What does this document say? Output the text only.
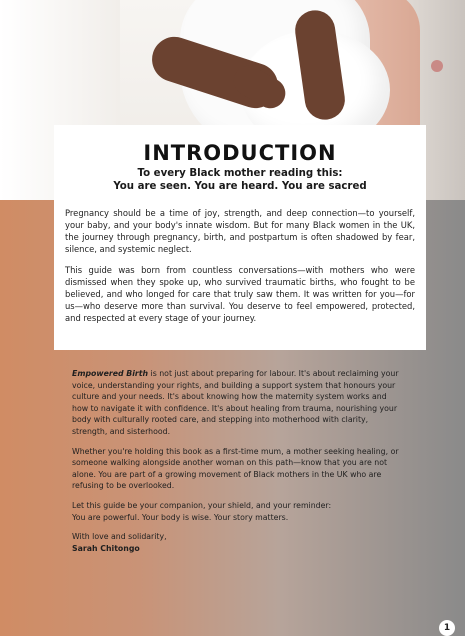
INTRODUCTION
To every Black mother reading this:
You are seen. You are heard. You are sacred

Pregnancy should be a time of joy, strength, and deep connection—to yourself, your baby, and your body's innate wisdom. But for many Black women in the UK, the journey through pregnancy, birth, and postpartum is often shadowed by fear, silence, and systemic neglect.

This guide was born from countless conversations—with mothers who were dismissed when they spoke up, who survived traumatic births, who fought to be believed, and who longed for care that truly saw them. It was written for you—for us—who deserve more than survival. You deserve to feel empowered, protected, and respected at every stage of your journey.

Empowered Birth is not just about preparing for labour. It's about reclaiming your voice, understanding your rights, and building a support system that honours your culture and your needs. It's about knowing how the maternity system works and how to navigate it with confidence. It's about healing from trauma, nourishing your body with culturally rooted care, and stepping into motherhood with clarity, strength, and sisterhood.

Whether you're holding this book as a first-time mum, a mother seeking healing, or someone walking alongside another woman on this path—know that you are not alone. You are part of a growing movement of Black mothers in the UK who are refusing to be overlooked.

Let this guide be your companion, your shield, and your reminder:
You are powerful. Your body is wise. Your story matters.

With love and solidarity,

Sarah Chitongo

1
